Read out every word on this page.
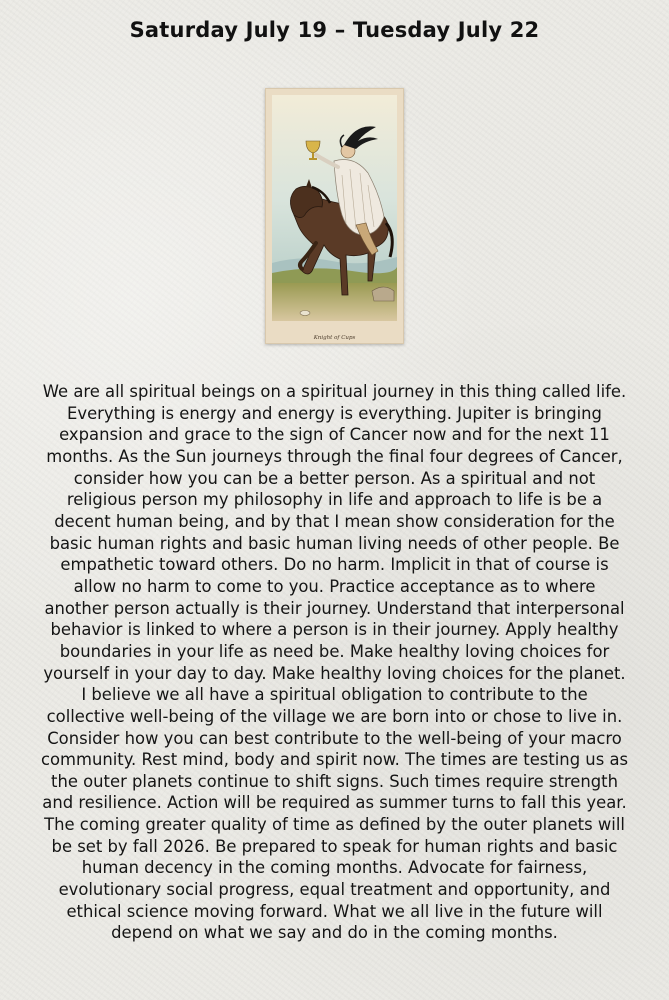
Saturday July 19 – Tuesday July 22
Knight of Cups

We are all spiritual beings on a spiritual journey in this thing called life. Everything is energy and energy is everything. Jupiter is bringing expansion and grace to the sign of Cancer now and for the next 11 months. As the Sun journeys through the final four degrees of Cancer, consider how you can be a better person. As a spiritual and not religious person my philosophy in life and approach to life is be a decent human being, and by that I mean show consideration for the basic human rights and basic human living needs of other people. Be empathetic toward others. Do no harm. Implicit in that of course is allow no harm to come to you. Practice acceptance as to where another person actually is their journey. Understand that interpersonal behavior is linked to where a person is in their journey. Apply healthy boundaries in your life as need be. Make healthy loving choices for yourself in your day to day. Make healthy loving choices for the planet. I believe we all have a spiritual obligation to contribute to the collective well-being of the village we are born into or chose to live in. Consider how you can best contribute to the well-being of your macro community. Rest mind, body and spirit now. The times are testing us as the outer planets continue to shift signs. Such times require strength and resilience. Action will be required as summer turns to fall this year. The coming greater quality of time as defined by the outer planets will be set by fall 2026. Be prepared to speak for human rights and basic human decency in the coming months. Advocate for fairness, evolutionary social progress, equal treatment and opportunity, and ethical science moving forward. What we all live in the future will depend on what we say and do in the coming months.
